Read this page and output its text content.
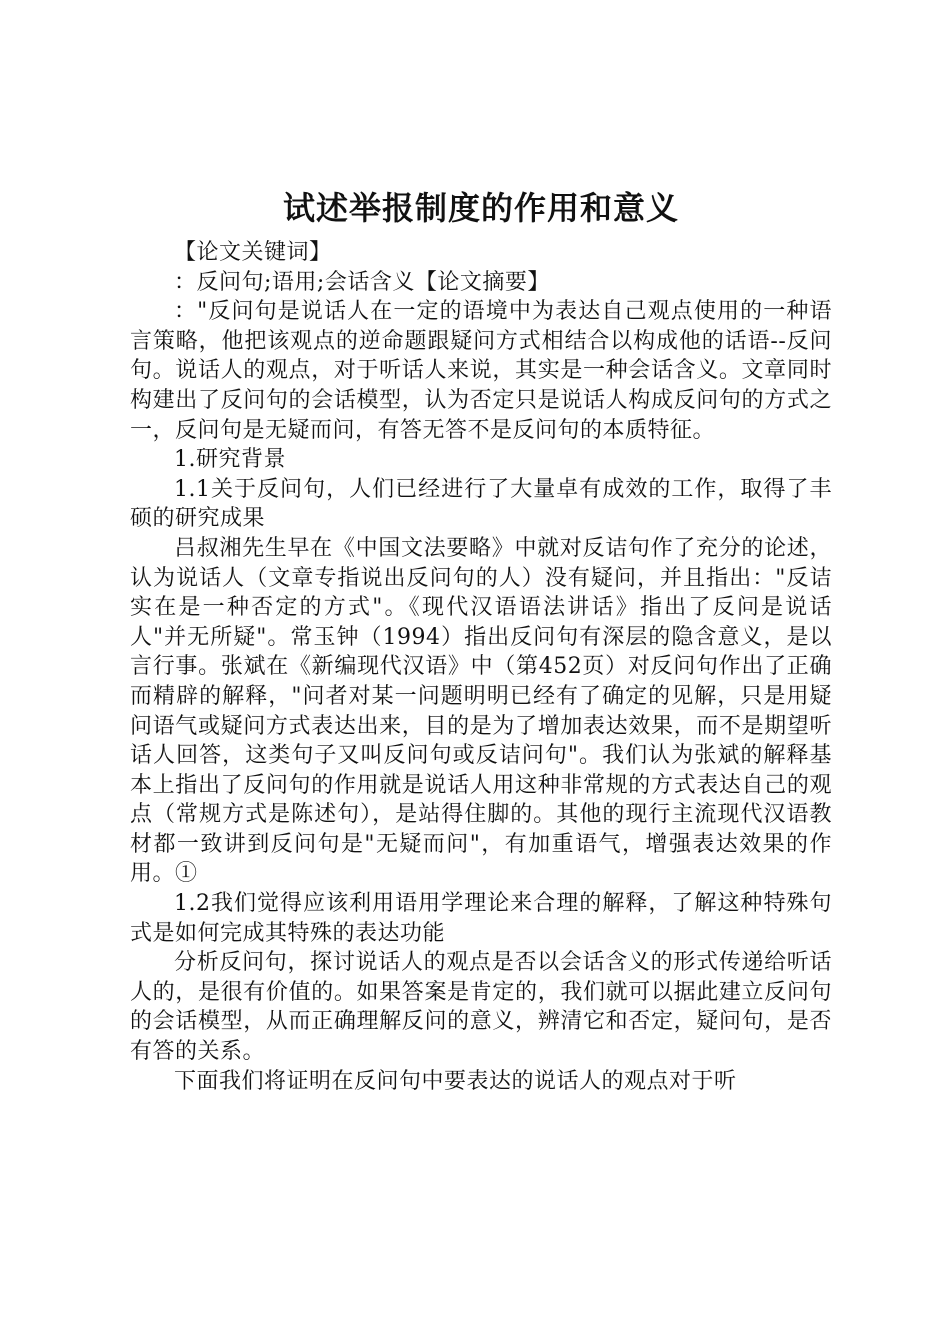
试述举报制度的作用和意义

【论文关键词】

：反问句;语用;会话含义【论文摘要】

："反问句是说话人在一定的语境中为表达自己观点使用的一种语言策略，他把该观点的逆命题跟疑问方式相结合以构成他的话语--反问句。说话人的观点，对于听话人来说，其实是一种会话含义。文章同时构建出了反问句的会话模型，认为否定只是说话人构成反问句的方式之一，反问句是无疑而问，有答无答不是反问句的本质特征。

1.研究背景

1.1关于反问句，人们已经进行了大量卓有成效的工作，取得了丰硕的研究成果

吕叔湘先生早在《中国文法要略》中就对反诘句作了充分的论述，认为说话人（文章专指说出反问句的人）没有疑问，并且指出："反诘实在是一种否定的方式"。《现代汉语语法讲话》指出了反问是说话人"并无所疑"。常玉钟（1994）指出反问句有深层的隐含意义，是以言行事。张斌在《新编现代汉语》中（第452页）对反问句作出了正确而精辟的解释，"问者对某一问题明明已经有了确定的见解，只是用疑问语气或疑问方式表达出来，目的是为了增加表达效果，而不是期望听话人回答，这类句子又叫反问句或反诘问句"。我们认为张斌的解释基本上指出了反问句的作用就是说话人用这种非常规的方式表达自己的观点（常规方式是陈述句），是站得住脚的。其他的现行主流现代汉语教材都一致讲到反问句是"无疑而问"，有加重语气，增强表达效果的作用。①

1.2我们觉得应该利用语用学理论来合理的解释，了解这种特殊句式是如何完成其特殊的表达功能

分析反问句，探讨说话人的观点是否以会话含义的形式传递给听话人的，是很有价值的。如果答案是肯定的，我们就可以据此建立反问句的会话模型，从而正确理解反问的意义，辨清它和否定，疑问句，是否有答的关系。

下面我们将证明在反问句中要表达的说话人的观点对于听
